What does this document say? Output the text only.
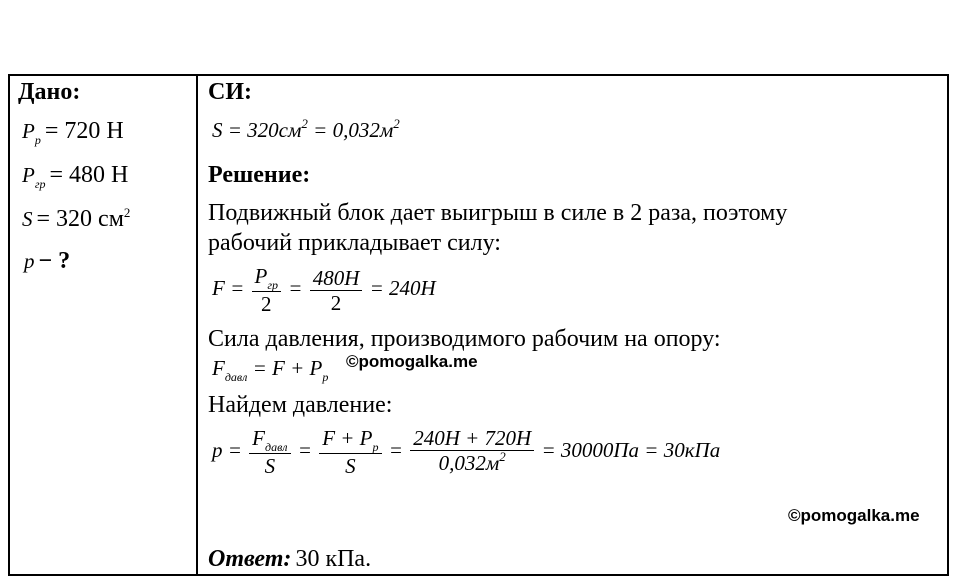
Дано:
$P_р = 720$ Н
$P_{гр} = 480$ Н
S = 320 $см^2$
p − ?
СИ:
$S = 320см^2 = 0,032м^2$
Решение:
Подвижный блок дает выигрыш в силе в 2 раза, поэтому
рабочий прикладывает силу:
$F = \frac{P_{гр}}{2} = \frac{480H}{2} = 240H$
Сила давления, производимого рабочим на опору:
$F_{давл} = F + P_p$
©pomogalka.me
Найдем давление:
$p = \frac{F_{давл}}{S} = \frac{F + P_p}{S} = \frac{240H + 720H}{0,032м^2} = 30000Па = 30кПа$
©pomogalka.me
Ответ: 30 кПа.
